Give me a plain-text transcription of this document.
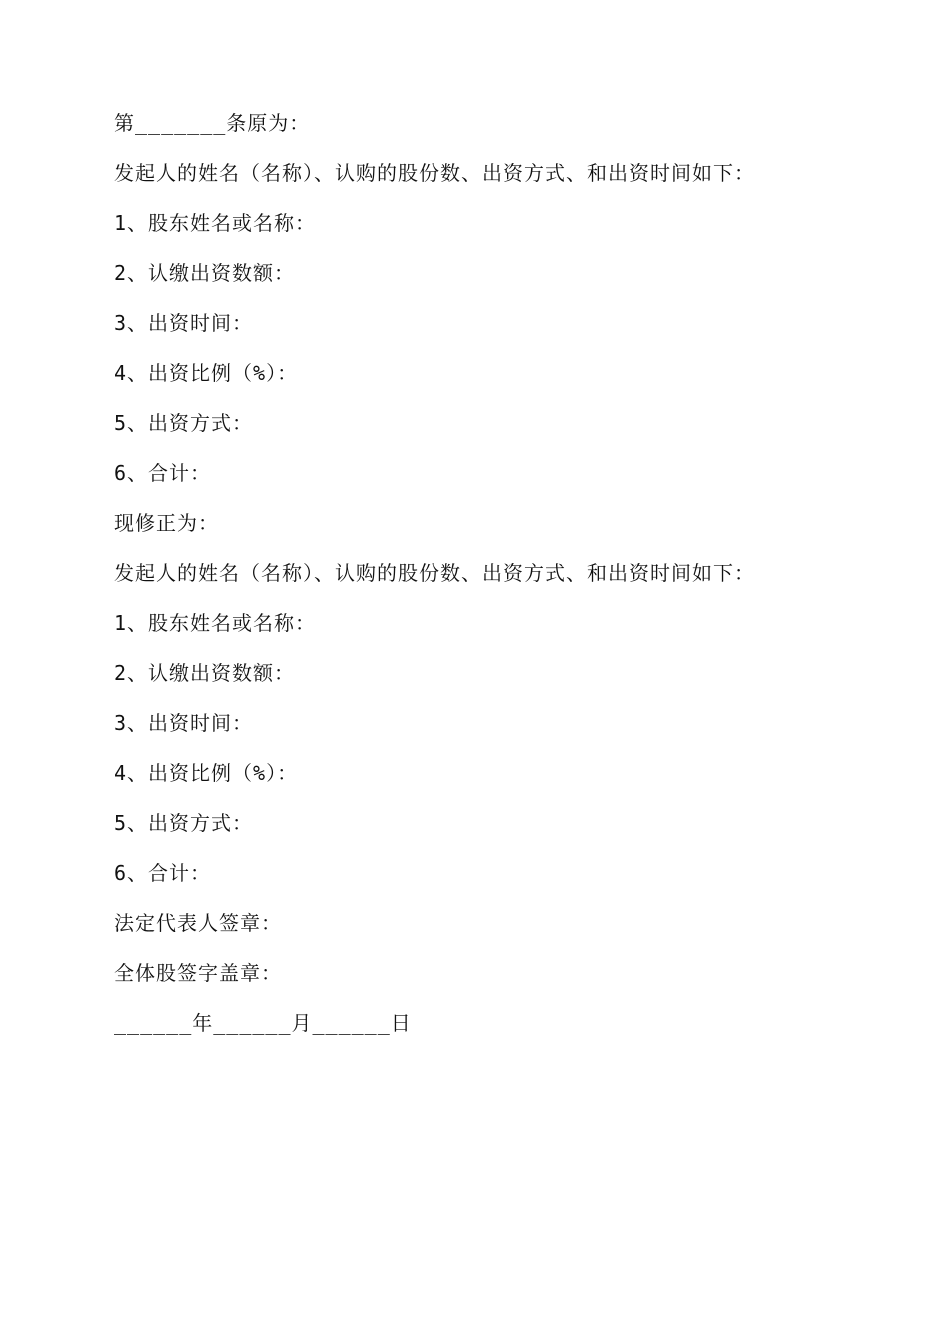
第_______条原为：
发起人的姓名（名称）、认购的股份数、出资方式、和出资时间如下：
1、股东姓名或名称：
2、认缴出资数额：
3、出资时间：
4、出资比例（%）：
5、出资方式：
6、合计：
现修正为：
发起人的姓名（名称）、认购的股份数、出资方式、和出资时间如下：
1、股东姓名或名称：
2、认缴出资数额：
3、出资时间：
4、出资比例（%）：
5、出资方式：
6、合计：
法定代表人签章：
全体股签字盖章：
______年______月______日
